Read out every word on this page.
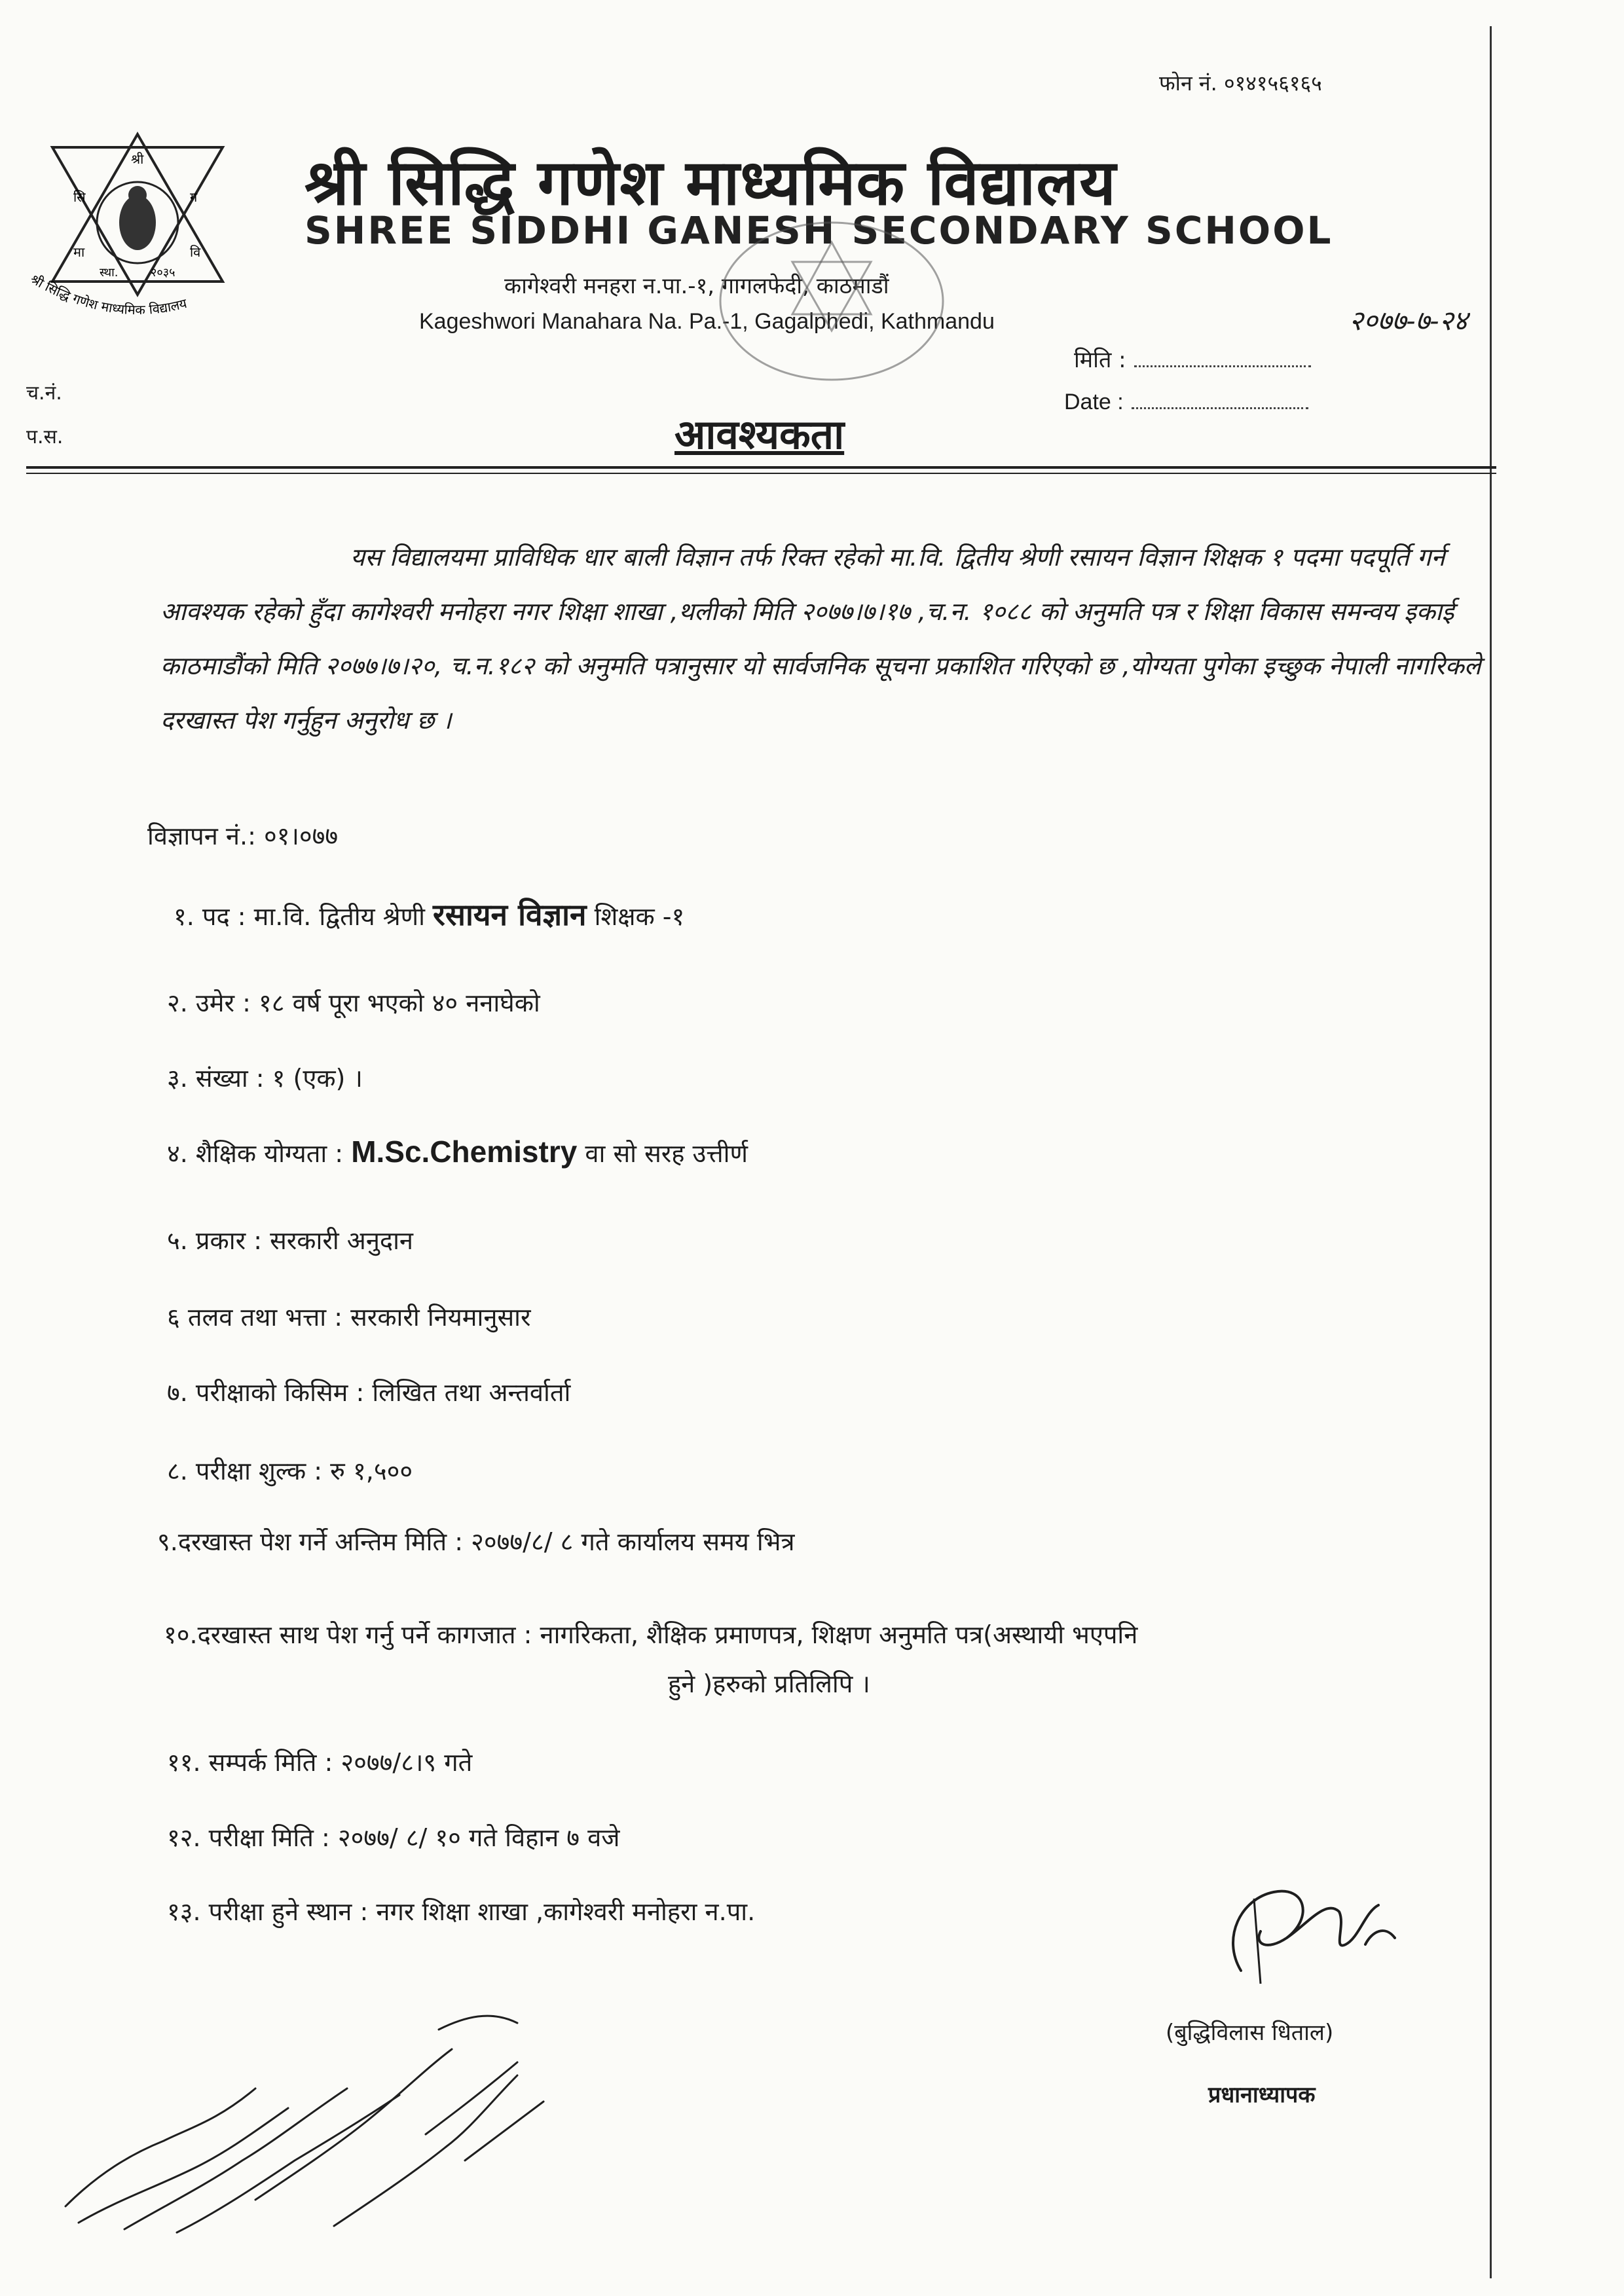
फोन नं. ०१४१५६१६५
श्री
सि	ग
मा	वि
स्था.	२०३५
श्री सिद्धि गणेश माध्यमिक विद्यालय
श्री सिद्धि गणेश माध्यमिक विद्यालय
SHREE SIDDHI GANESH SECONDARY SCHOOL
कागेश्वरी मनहरा न.पा.-१, गागलफेदी, काठमाडौं
Kageshwori Manahara Na. Pa.-1, Gagalphedi, Kathmandu	२०७७-७-२४
मिति :
Date :
च.नं.
प.स.	आवश्यकता
यस विद्यालयमा प्राविधिक धार बाली विज्ञान तर्फ रिक्त रहेको मा.वि. द्वितीय श्रेणी रसायन विज्ञान शिक्षक १ पदमा पदपूर्ति गर्न आवश्यक रहेको हुँदा कागेश्वरी मनोहरा नगर शिक्षा शाखा ,थलीको मिति २०७७।७।१७ ,च.न. १०८८ को अनुमति पत्र र शिक्षा विकास समन्वय इकाई काठमाडौंको मिति २०७७।७।२०, च.न.१८२ को अनुमति पत्रानुसार यो सार्वजनिक सूचना प्रकाशित गरिएको छ ,योग्यता पुगेका इच्छुक नेपाली नागरिकले दरखास्त पेश गर्नुहुन अनुरोध छ ।
विज्ञापन नं.: ०१।०७७
१. पद : मा.वि. द्वितीय श्रेणी रसायन विज्ञान शिक्षक -१
२. उमेर : १८ वर्ष पूरा भएको ४० ननाघेको
३. संख्या : १ (एक) ।
४. शैक्षिक योग्यता : M.Sc.Chemistry वा सो सरह उत्तीर्ण
५. प्रकार : सरकारी अनुदान
६ तलव तथा भत्ता : सरकारी नियमानुसार
७. परीक्षाको किसिम : लिखित तथा अन्तर्वार्ता
८. परीक्षा शुल्क : रु १,५००
९.दरखास्त पेश गर्ने अन्तिम मिति : २०७७/८/ ८ गते कार्यालय समय भित्र
१०.दरखास्त साथ पेश गर्नु पर्ने कागजात : नागरिकता, शैक्षिक प्रमाणपत्र, शिक्षण अनुमति पत्र(अस्थायी भएपनि
हुने )हरुको प्रतिलिपि ।
११. सम्पर्क मिति : २०७७/८।९ गते
१२. परीक्षा मिति : २०७७/ ८/ १० गते विहान ७ वजे
१३. परीक्षा हुने स्थान : नगर शिक्षा शाखा ,कागेश्वरी मनोहरा न.पा.
(बुद्धिविलास धिताल)
प्रधानाध्यापक
